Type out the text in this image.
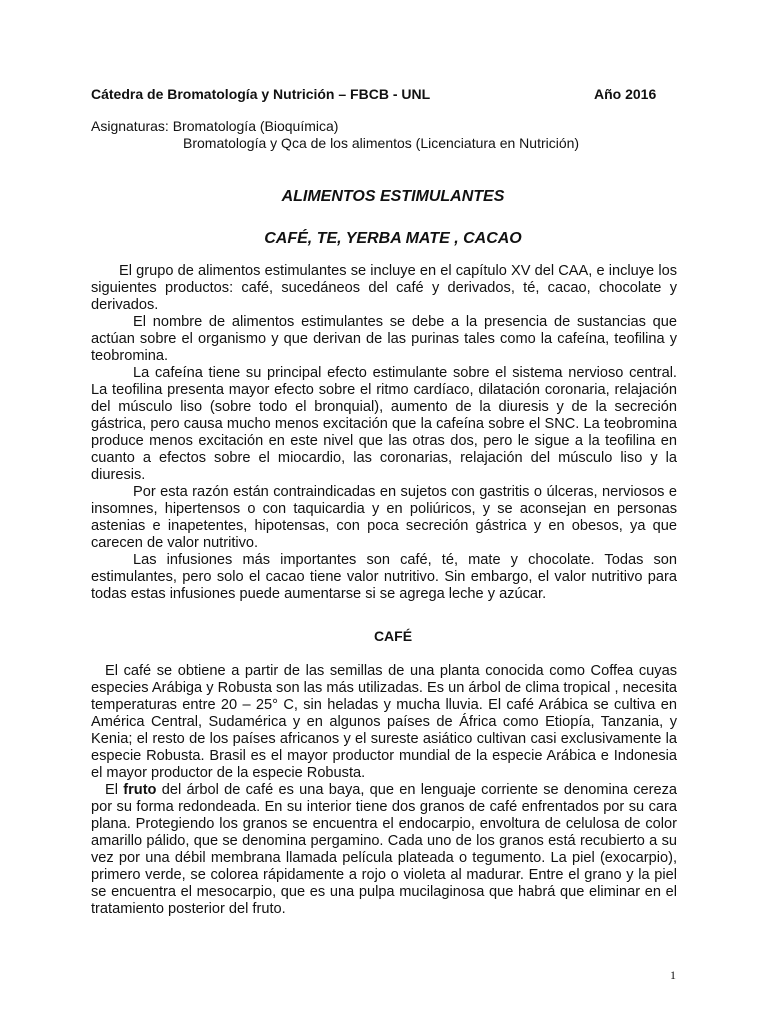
Cátedra de Bromatología y Nutrición – FBCB - UNL	Año 2016
Asignaturas: Bromatología (Bioquímica)
Bromatología y Qca de los alimentos (Licenciatura en Nutrición)
ALIMENTOS ESTIMULANTES
CAFÉ, TE, YERBA MATE , CACAO

El grupo de alimentos estimulantes se incluye en el capítulo XV del CAA, e incluye los siguientes productos: café, sucedáneos del café y derivados, té, cacao, chocolate y derivados.

El nombre de alimentos estimulantes se debe a la presencia de sustancias que actúan sobre el organismo y que derivan de las purinas tales como la cafeína, teofilina y teobromina.

La cafeína tiene su principal efecto estimulante sobre el sistema nervioso central. La teofilina presenta mayor efecto sobre el ritmo cardíaco, dilatación coronaria, relajación del músculo liso (sobre todo el bronquial), aumento de la diuresis y de la secreción gástrica, pero causa mucho menos excitación que la cafeína sobre el SNC. La teobromina produce menos excitación en este nivel que las otras dos, pero le sigue a la teofilina en cuanto a efectos sobre el miocardio, las coronarias, relajación del músculo liso y la diuresis.

Por esta razón están contraindicadas en sujetos con gastritis o úlceras, nerviosos e insomnes, hipertensos o con taquicardia y en poliúricos, y se aconsejan en personas astenias e inapetentes, hipotensas, con poca secreción gástrica y en obesos, ya que carecen de valor nutritivo.

Las infusiones más importantes son café, té, mate y chocolate. Todas son estimulantes, pero solo el cacao tiene valor nutritivo. Sin embargo, el valor nutritivo para todas estas infusiones puede aumentarse si se agrega leche y azúcar.

CAFÉ

El café se obtiene a partir de las semillas de una planta conocida como Coffea cuyas especies Arábiga y Robusta son las más utilizadas. Es un árbol de clima tropical , necesita temperaturas entre 20 – 25° C, sin heladas y mucha lluvia. El café Arábica se cultiva en América Central, Sudamérica y en algunos países de África como Etiopía, Tanzania, y Kenia; el resto de los países africanos y el sureste asiático cultivan casi exclusivamente la especie Robusta. Brasil es el mayor productor mundial de la especie Arábica e Indonesia el mayor productor de la especie Robusta.

El fruto del árbol de café es una baya, que en lenguaje corriente se denomina cereza por su forma redondeada. En su interior tiene dos granos de café enfrentados por su cara plana. Protegiendo los granos se encuentra el endocarpio, envoltura de celulosa de color amarillo pálido, que se denomina pergamino. Cada uno de los granos está recubierto a su vez por una débil membrana llamada película plateada o tegumento. La piel (exocarpio), primero verde, se colorea rápidamente a rojo o violeta al madurar. Entre el grano y la piel se encuentra el mesocarpio, que es una pulpa mucilaginosa que habrá que eliminar en el tratamiento posterior del fruto.

1
